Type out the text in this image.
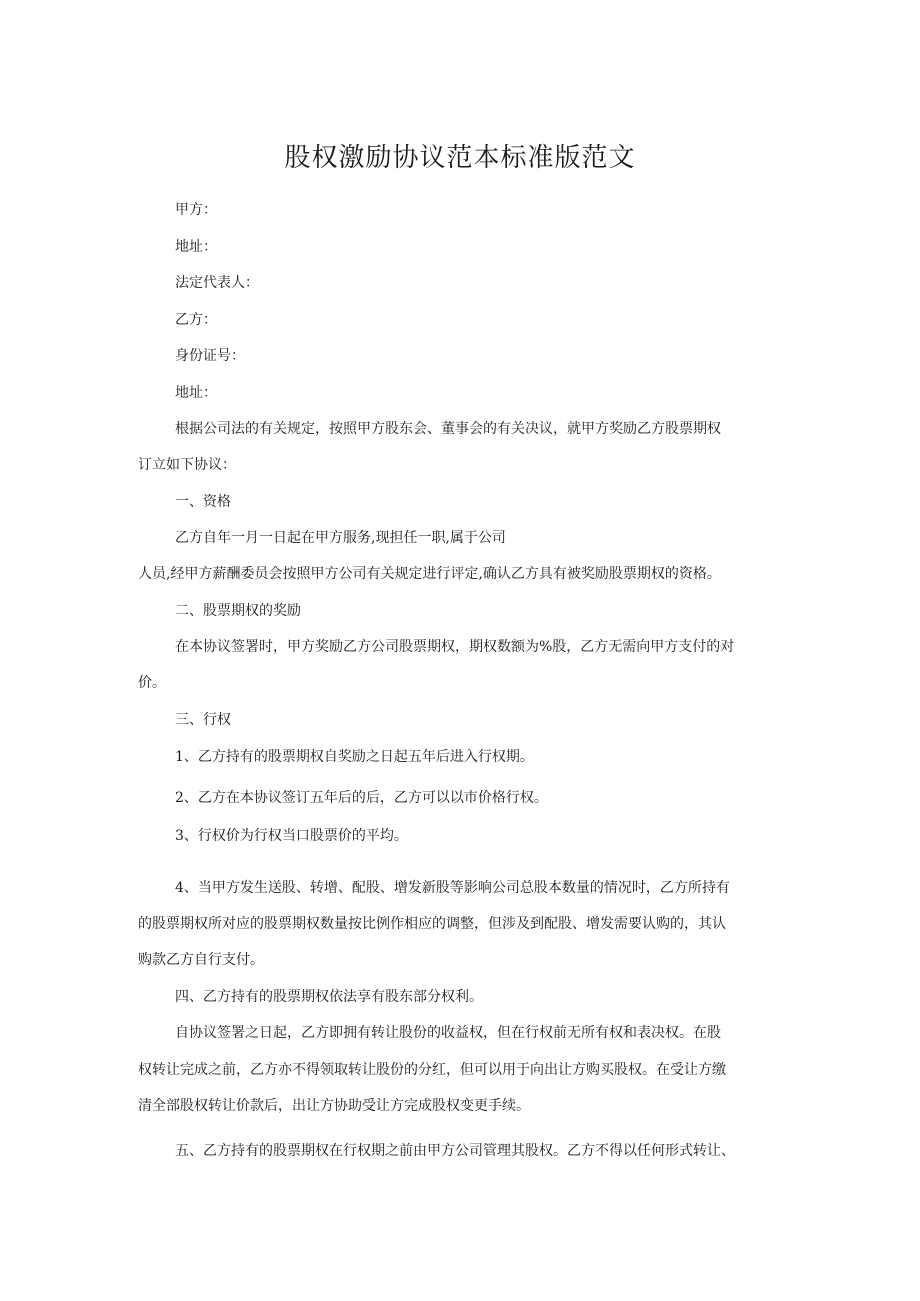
股权激励协议范本标准版范文
甲方：
地址：
法定代表人：
乙方：
身份证号：
地址：
根据公司法的有关规定，按照甲方股东会、董事会的有关决议，就甲方奖励乙方股票期权
订立如下协议：
一、资格
乙方自年一月一日起在甲方服务,现担任一职,属于公司
人员,经甲方薪酬委员会按照甲方公司有关规定进行评定,确认乙方具有被奖励股票期权的资格。
二、股票期权的奖励
在本协议签署时，甲方奖励乙方公司股票期权，期权数额为%股，乙方无需向甲方支付的对
价。
三、行权
1、乙方持有的股票期权自奖励之日起五年后进入行权期。
2、乙方在本协议签订五年后的后，乙方可以以市价格行权。
3、行权价为行权当口股票价的平均。
4、当甲方发生送股、转增、配股、增发新股等影响公司总股本数量的情况时，乙方所持有
的股票期权所对应的股票期权数量按比例作相应的调整，但涉及到配股、增发需要认购的，其认
购款乙方自行支付。
四、乙方持有的股票期权依法享有股东部分权利。
自协议签署之日起，乙方即拥有转让股份的收益权，但在行权前无所有权和表决权。在股
权转让完成之前，乙方亦不得领取转让股份的分红，但可以用于向出让方购买股权。在受让方缴
清全部股权转让价款后，出让方协助受让方完成股权变更手续。
五、乙方持有的股票期权在行权期之前由甲方公司管理其股权。乙方不得以任何形式转让、
